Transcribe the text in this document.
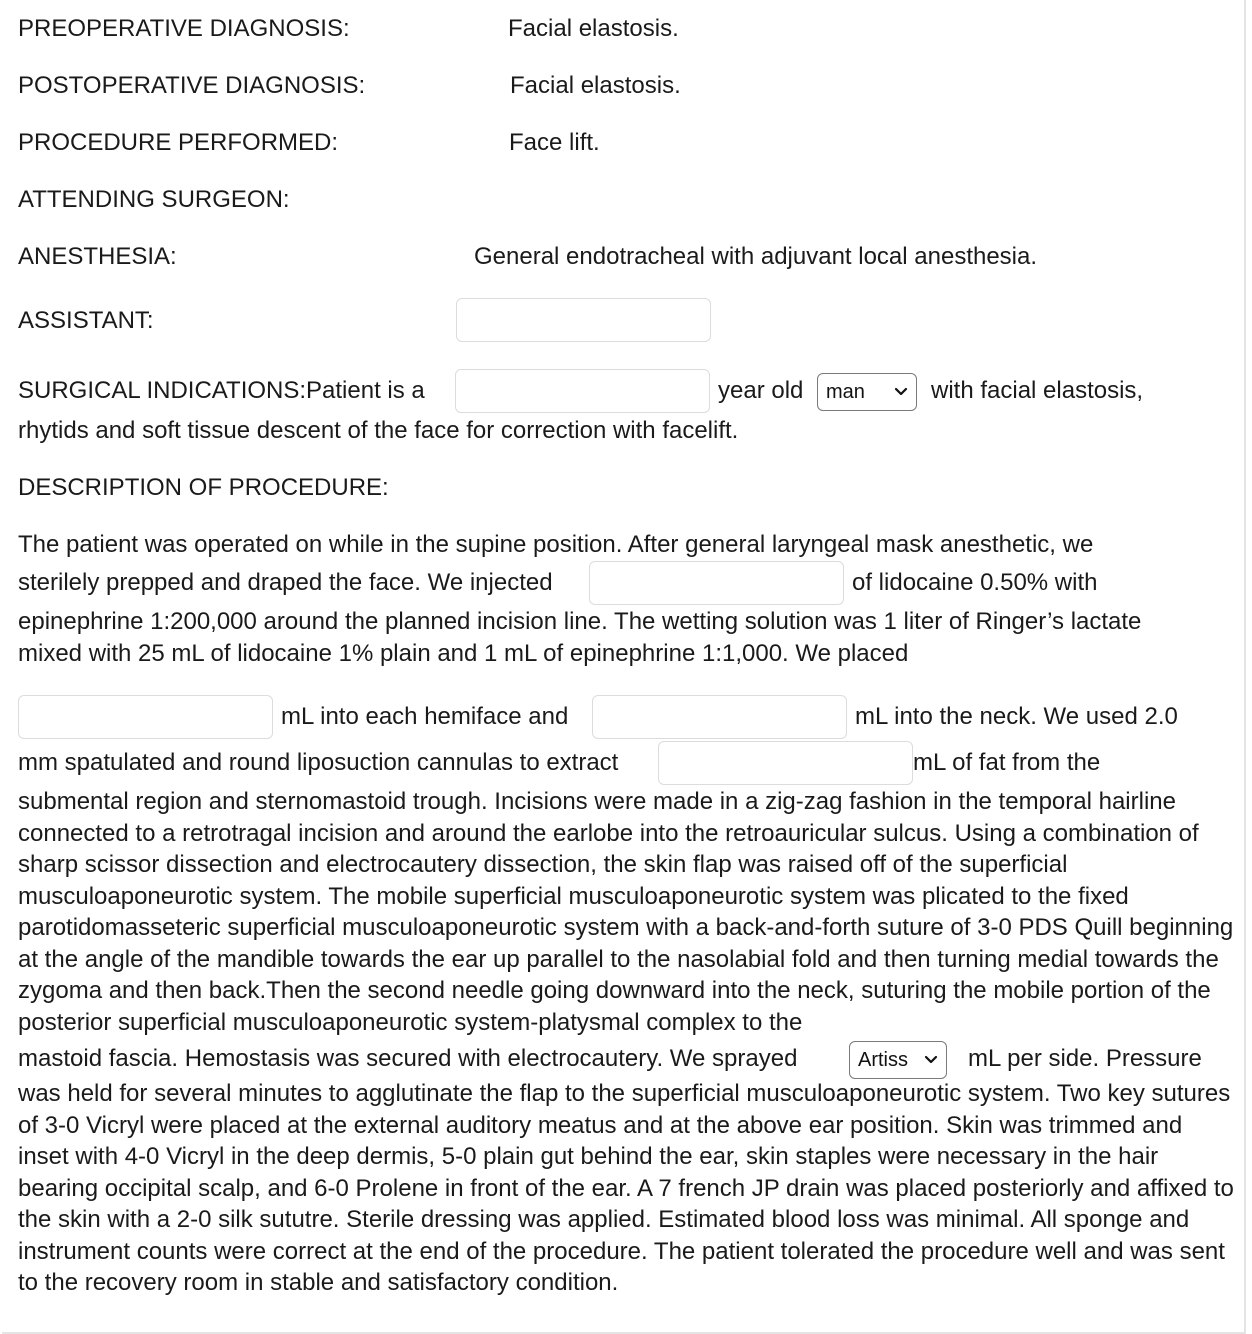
PREOPERATIVE DIAGNOSIS:	Facial elastosis.
POSTOPERATIVE DIAGNOSIS:	Facial elastosis.
PROCEDURE PERFORMED:	Face lift.
ATTENDING SURGEON:
ANESTHESIA:	General endotracheal with adjuvant local anesthesia.
ASSISTANT:
SURGICAL INDICATIONS:Patient is a	year old man	with facial elastosis,
rhytids and soft tissue descent of the face for correction with facelift.
DESCRIPTION OF PROCEDURE:
The patient was operated on while in the supine position. After general laryngeal mask anesthetic, we
sterilely prepped and draped the face. We injected	of lidocaine 0.50% with
epinephrine 1:200,000 around the planned incision line. The wetting solution was 1 liter of Ringer’s lactate
mixed with 25 mL of lidocaine 1% plain and 1 mL of epinephrine 1:1,000. We placed
mL into each hemiface and	mL into the neck. We used 2.0
mm spatulated and round liposuction cannulas to extract	mL of fat from the
submental region and sternomastoid trough. Incisions were made in a zig-zag fashion in the temporal hairline connected to a retrotragal incision and around the earlobe into the retroauricular sulcus. Using a combination of sharp scissor dissection and electrocautery dissection, the skin flap was raised off of the superficial musculoaponeurotic system. The mobile superficial musculoaponeurotic system was plicated to the fixed parotidomasseteric superficial musculoaponeurotic system with a back-and-forth suture of 3-0 PDS Quill beginning at the angle of the mandible towards the ear up parallel to the nasolabial fold and then turning medial towards the zygoma and then back.Then the second needle going downward into the neck, suturing the mobile portion of the posterior superficial musculoaponeurotic system-platysmal complex to the
mastoid fascia. Hemostasis was secured with electrocautery. We sprayed	Artiss	mL per side. Pressure
was held for several minutes to agglutinate the flap to the superficial musculoaponeurotic system. Two key sutures of 3-0 Vicryl were placed at the external auditory meatus and at the above ear position. Skin was trimmed and inset with 4-0 Vicryl in the deep dermis, 5-0 plain gut behind the ear, skin staples were necessary in the hair bearing occipital scalp, and 6-0 Prolene in front of the ear. A 7 french JP drain was placed posteriorly and affixed to the skin with a 2-0 silk sututre. Sterile dressing was applied. Estimated blood loss was minimal. All sponge and instrument counts were correct at the end of the procedure. The patient tolerated the procedure well and was sent to the recovery room in stable and satisfactory condition.
